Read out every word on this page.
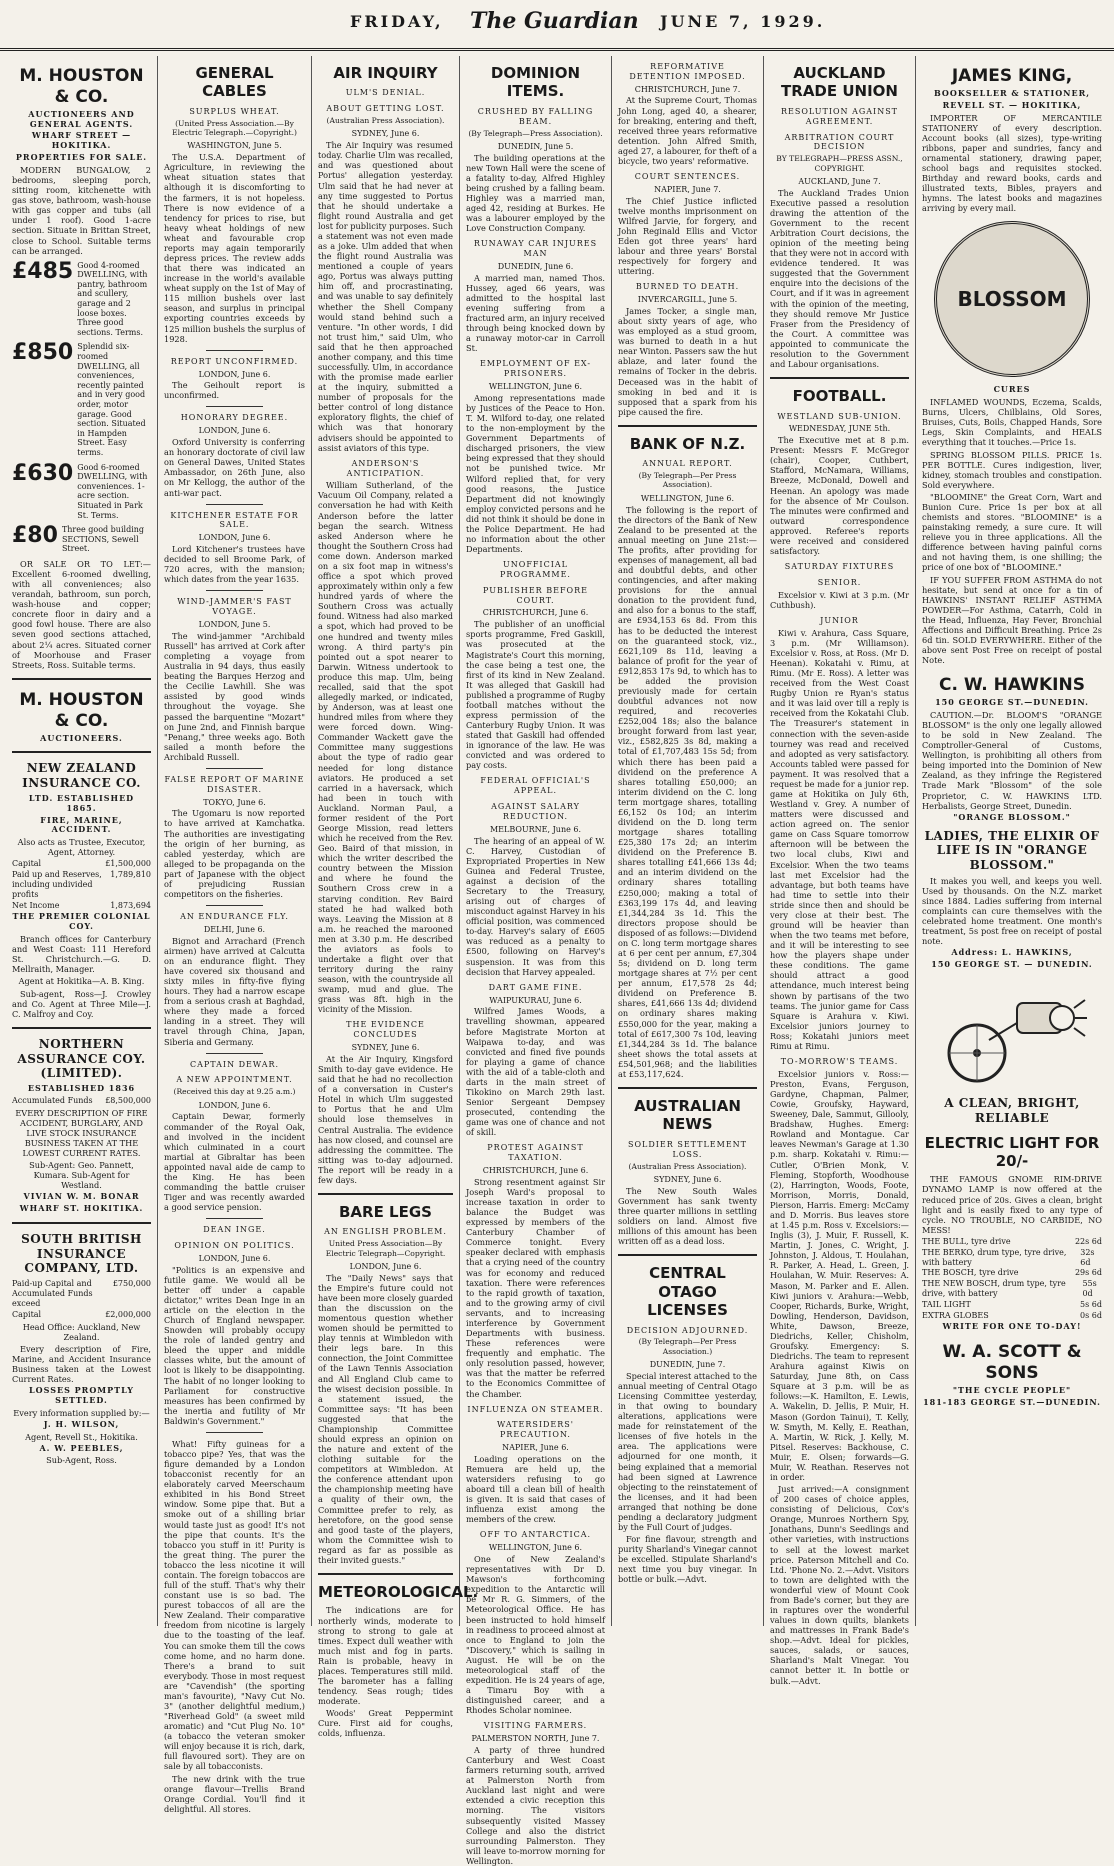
FRIDAY, The Guardian JUNE 7, 1929.
M. HOUSTON & CO.
AUCTIONEERS AND GENERAL AGENTS.
WHARF STREET — HOKITIKA.
PROPERTIES FOR SALE.
MODERN BUNGALOW, 2 bedrooms, sleeping porch, sitting room, kitchenette with gas stove, bathroom, wash-house with gas copper and tubs (all under 1 roof). Good 1-acre section. Situate in Brittan Street, close to School. Suitable terms can be arranged.
£485 Good 4-roomed DWELLING, with pantry, bathroom and scullery, garage and 2 loose boxes. Three good sections. Terms.
£850 Splendid six-roomed DWELLING, all conveniences, recently painted and in very good order, motor garage. Good section. Situated in Hampden Street. Easy terms.
£630 Good 6-roomed DWELLING, with conveniences. 1-acre section. Situated in Park St. Terms.
£80 Three good building SECTIONS, Sewell Street.
OR SALE OR TO LET:—Excellent 6-roomed dwelling, with all conveniences; also verandah, bathroom, sun porch, wash-house and copper; concrete floor in dairy and a good fowl house. There are also seven good sections attached, about 2¼ acres. Situated corner of Moorhouse and Fraser Streets, Ross. Suitable terms.
M. HOUSTON & CO.
AUCTIONEERS.
NEW ZEALAND INSURANCE CO.
LTD. ESTABLISHED 1865.
FIRE, MARINE, ACCIDENT.
Also acts as Trustee, Executor, Agent, Attorney.
Capital	£1,500,000
Paid up and Reserves, including undivided profits
1,789,810
Net Income	1,873,694
THE PREMIER COLONIAL COY.
Branch offices for Canterbury and West Coast: 111 Hereford St. Christchurch.—G. D. Mellraith, Manager.
Agent at Hokitika—A. B. King.
Sub-agent, Ross—J. Crowley and Co. Agent at Three Mile—J. C. Malfroy and Coy.
NORTHERN ASSURANCE COY. (LIMITED).
ESTABLISHED 1836
Accumulated Funds £8,500,000
EVERY DESCRIPTION OF FIRE ACCIDENT, BURGLARY, AND LIVE STOCK INSURANCE BUSINESS TAKEN AT THE LOWEST CURRENT RATES.
Sub-Agent: Geo. Pannett, Kumara. Sub-Agent for Westland.
VIVIAN W. M. BONAR
WHARF ST. HOKITIKA.
SOUTH BRITISH INSURANCE COMPANY, LTD.
Paid-up Capital and Accumulated Funds exceed
£750,000
Capital	£2,000,000
Head Office: Auckland, New Zealand.
Every description of Fire, Marine, and Accident Insurance Business taken at the Lowest Current Rates.
LOSSES PROMPTLY SETTLED.
Every information supplied by:—
J. H. WILSON,
Agent, Revell St., Hokitika.
A. W. PEEBLES,
Sub-Agent, Ross.
GENERAL CABLES
SURPLUS WHEAT.
(United Press Association.—By Electric Telegraph.—Copyright.)
WASHINGTON, June 5.
The U.S.A. Department of Agriculture, in reviewing the wheat situation states that although it is discomforting to the farmers, it is not hopeless. There is now evidence of a tendency for prices to rise, but heavy wheat holdings of new wheat and favourable crop reports may again temporarily depress prices. The review adds that there was indicated an increase in the world's available wheat supply on the 1st of May of 115 million bushels over last season, and surplus in principal exporting countries exceeds by 125 million bushels the surplus of 1928.
REPORT UNCONFIRMED.
LONDON, June 6.
The Geihoult report is unconfirmed.
HONORARY DEGREE.
LONDON, June 6.
Oxford University is conferring an honorary doctorate of civil law on General Dawes, United States Ambassador, on 26th June, also on Mr Kellogg, the author of the anti-war pact.
KITCHENER ESTATE FOR SALE.
LONDON, June 6.
Lord Kitchener's trustees have decided to sell Broome Park, of 720 acres, with the mansion; which dates from the year 1635.
WIND-JAMMER'S FAST VOYAGE.
LONDON, June 5.
The wind-jammer "Archibald Russell" has arrived at Cork after completing a voyage from Australia in 94 days, thus easily beating the Barques Herzog and the Cecilie Lawhill. She was assisted by good winds throughout the voyage. She passed the barquentine "Mozart" on June 2nd, and Finnish barque "Penang," three weeks ago. Both sailed a month before the Archibald Russell.
FALSE REPORT OF MARINE DISASTER.
TOKYO, June 6.
The Ugomaru is now reported to have arrived at Kamchatka. The authorities are investigating the origin of her burning, as cabled yesterday, which are alleged to be propaganda on the part of Japanese with the object of prejudicing Russian competitors on the fisheries.
AN ENDURANCE FLY.
DELHI, June 6.
Bignot and Arrachard (French airmen) have arrived at Calcutta on an endurance flight. They have covered six thousand and sixty miles in fifty-five flying hours. They had a narrow escape from a serious crash at Baghdad, where they made a forced landing in a street. They will travel through China, Japan, Siberia and Germany.
CAPTAIN DEWAR.
A NEW APPOINTMENT.
(Received this day at 9.25 a.m.)
LONDON, June 6.
Captain Dewar, formerly commander of the Royal Oak, and involved in the incident which culminated in a court martial at Gibraltar has been appointed naval aide de camp to the King. He has been commanding the battle cruiser Tiger and was recently awarded a good service pension.
DEAN INGE.
OPINION ON POLITICS.
LONDON, June 6.
"Politics is an expensive and futile game. We would all be better off under a capable dictator," writes Dean Inge in an article on the election in the Church of England newspaper. Snowden will probably occupy the role of landed gentry and bleed the upper and middle classes white, but the amount of loot is likely to be disappointing. The habit of no longer looking to Parliament for constructive measures has been confirmed by the inertia and futility of Mr Baldwin's Government."
What! Fifty guineas for a tobacco pipe? Yes, that was the figure demanded by a London tobacconist recently for an elaborately carved Meerschaum exhibited in his Bond Street window. Some pipe that. But a smoke out of a shilling briar would taste just as good! It's not the pipe that counts. It's the tobacco you stuff in it! Purity is the great thing. The purer the tobacco the less nicotine it will contain. The foreign tobaccos are full of the stuff. That's why their constant use is so bad. The purest tobaccos of all are the New Zealand. Their comparative freedom from nicotine is largely due to the toasting of the leaf. You can smoke them till the cows come home, and no harm done. There's a brand to suit everybody. Those in most request are "Cavendish" (the sporting man's favourite), "Navy Cut No. 3" (another delightful medium,) "Riverhead Gold" (a sweet mild aromatic) and "Cut Plug No. 10" (a tobacco the veteran smoker will enjoy because it is rich, dark, full flavoured sort). They are on sale by all tobacconists.
The new drink with the true orange flavour—Trellis Brand Orange Cordial. You'll find it delightful. All stores.
AIR INQUIRY
ULM'S DENIAL.
ABOUT GETTING LOST.
(Australian Press Association).
SYDNEY, June 6.
The Air Inquiry was resumed today. Charlie Ulm was recalled, and was questioned about Portus' allegation yesterday. Ulm said that he had never at any time suggested to Portus that he should undertake a flight round Australia and get lost for publicity purposes. Such a statement was not even made as a joke. Ulm added that when the flight round Australia was mentioned a couple of years ago, Portus was always putting him off, and procrastinating, and was unable to say definitely whether the Shell Company would stand behind such a venture. "In other words, I did not trust him," said Ulm, who said that he then approached another company, and this time successfully. Ulm, in accordance with the promise made earlier at the inquiry, submitted a number of proposals for the better control of long distance exploratory flights, the chief of which was that honorary advisers should be appointed to assist aviators of this type.
ANDERSON'S ANTICIPATION.
William Sutherland, of the Vacuum Oil Company, related a conversation he had with Keith Anderson before the latter began the search. Witness asked Anderson where he thought the Southern Cross had come down. Anderson marked on a six foot map in witness's office a spot which proved approximately within only a few hundred yards of where the Southern Cross was actually found. Witness had also marked a spot, which had proved to be one hundred and twenty miles wrong. A third party's pin pointed out a spot nearer to Darwin. Witness undertook to produce this map. Ulm, being recalled, said that the spot allegedly marked, or indicated, by Anderson, was at least one hundred miles from where they were forced down. Wing-Commander Wackett gave the Committee many suggestions about the type of radio gear needed for long distance aviators. He produced a set carried in a haversack, which had been in touch with Auckland. Norman Paul, a former resident of the Port George Mission, read letters which he received from the Rev. Geo. Baird of that mission, in which the writer described the country between the Mission and where he found the Southern Cross crew in a starving condition. Rev Baird stated he had walked both ways. Leaving the Mission at 8 a.m. he reached the marooned men at 3.30 p.m. He described the aviators as fools to undertake a flight over that territory during the rainy season, with the countryside all swamp, mud and glue. The grass was 8ft. high in the vicinity of the Mission.
THE EVIDENCE CONCLUDES
SYDNEY, June 6.
At the Air Inquiry, Kingsford Smith to-day gave evidence. He said that he had no recollection of a conversation in Custer's Hotel in which Ulm suggested to Portus that he and Ulm should lose themselves in Central Australia. The evidence has now closed, and counsel are addressing the committee. The sitting was to-day adjourned. The report will be ready in a few days.
BARE LEGS
AN ENGLISH PROBLEM.
United Press Association—By Electric Telegraph—Copyright.
LONDON, June 6.
The "Daily News" says that the Empire's future could not have been more closely guarded than the discussion on the momentous question whether women should be permitted to play tennis at Wimbledon with their legs bare. In this connection, the Joint Committee of the Lawn Tennis Association and All England Club came to the wisest decision possible. In a statement issued, the Committee says: "It has been suggested that the Championship Committee should express an opinion on the nature and extent of the clothing suitable for the competitors at Wimbledon. At the conference attendant upon the championship meeting have a quality of their own, the Committee prefer to rely, as heretofore, on the good sense and good taste of the players, whom the Committee wish to regard as far as possible as their invited guests."
METEOROLOGICAL.
The indications are for northerly winds, moderate to strong to strong to gale at times. Expect dull weather with much mist and fog in parts. Rain is probable, heavy in places. Temperatures still mild. The barometer has a falling tendency. Seas rough; tides moderate.
Woods' Great Peppermint Cure. First aid for coughs, colds, influenza.
DOMINION ITEMS.
CRUSHED BY FALLING BEAM.
(By Telegraph—Press Association).
DUNEDIN, June 5.
The building operations at the new Town Hall were the scene of a fatality to-day, Alfred Highley being crushed by a falling beam. Highley was a married man, aged 42, residing at Burkes. He was a labourer employed by the Love Construction Company.
RUNAWAY CAR INJURES MAN
DUNEDIN, June 6.
A married man, named Thos. Hussey, aged 66 years, was admitted to the hospital last evening suffering from a fractured arm, an injury received through being knocked down by a runaway motor-car in Carroll St.
EMPLOYMENT OF EX-PRISONERS.
WELLINGTON, June 6.
Among representations made by Justices of the Peace to Hon. T. M. Wilford to-day, one related to the non-employment by the Government Departments of discharged prisoners, the view being expressed that they should not be punished twice. Mr Wilford replied that, for very good reasons, the Justice Department did not knowingly employ convicted persons and he did not think it should be done in the Police Department. He had no information about the other Departments.
UNOFFICIAL PROGRAMME.
PUBLISHER BEFORE COURT.
CHRISTCHURCH, June 6.
The publisher of an unofficial sports programme, Fred Gaskill, was prosecuted at the Magistrate's Court this morning, the case being a test one, the first of its kind in New Zealand. It was alleged that Gaskill had published a programme of Rugby football matches without the express permission of the Canterbury Rugby Union. It was stated that Gaskill had offended in ignorance of the law. He was convicted and was ordered to pay costs.
FEDERAL OFFICIAL'S APPEAL.
AGAINST SALARY REDUCTION.
MELBOURNE, June 6.
The hearing of an appeal of W. C. Harvey, Custodian of Expropriated Properties in New Guinea and Federal Trustee, against a decision of the Secretary to the Treasury, arising out of charges of misconduct against Harvey in his official position, was commenced to-day. Harvey's salary of £605 was reduced as a penalty to £500, following on Harvey's suspension. It was from this decision that Harvey appealed.
DART GAME FINE.
WAIPUKURAU, June 6.
Wilfred James Woods, a travelling showman, appeared before Magistrate Morton at Waipawa to-day, and was convicted and fined five pounds for playing a game of chance with the aid of a table-cloth and darts in the main street of Tikokino on March 29th last. Senior Sergeant Dempsey prosecuted, contending the game was one of chance and not of skill.
PROTEST AGAINST TAXATION.
CHRISTCHURCH, June 6.
Strong resentment against Sir Joseph Ward's proposal to increase taxation in order to balance the Budget was expressed by members of the Canterbury Chamber of Commerce tonight. Every speaker declared with emphasis that a crying need of the country was for economy and reduced taxation. There were references to the rapid growth of taxation, and to the growing army of civil servants, and to increasing interference by Government Departments with business. These references were frequently and emphatic. The only resolution passed, however, was that the matter be referred to the Economics Committee of the Chamber.
INFLUENZA ON STEAMER.
WATERSIDERS' PRECAUTION.
NAPIER, June 6.
Loading operations on the Remuera are held up, the watersiders refusing to go aboard till a clean bill of health is given. It is said that cases of influenza exist among the members of the crew.
OFF TO ANTARCTICA.
WELLINGTON, June 6.
One of New Zealand's representatives with Dr D. Mawson's forthcoming expedition to the Antarctic will be Mr R. G. Simmers, of the Meteorological Office. He has been instructed to hold himself in readiness to proceed almost at once to England to join the "Discovery," which is sailing in August. He will be on the meteorological staff of the expedition. He is 24 years of age, a Timaru Boy with a distinguished career, and a Rhodes Scholar nominee.
VISITING FARMERS.
PALMERSTON NORTH, June 7.
A party of three hundred Canterbury and West Coast farmers returning south, arrived at Palmerston North from Auckland last night and were extended a civic reception this morning. The visitors subsequently visited Massey College and also the district surrounding Palmerston. They will leave to-morrow morning for Wellington.
REFORMATIVE DETENTION IMPOSED.
CHRISTCHURCH, June 7.
At the Supreme Court, Thomas John Long, aged 40, a shearer, for breaking, entering and theft, received three years reformative detention. John Alfred Smith, aged 27, a labourer, for theft of a bicycle, two years' reformative.
COURT SENTENCES.
NAPIER, June 7.
The Chief Justice inflicted twelve months imprisonment on Wilfred Jarvie, for forgery, and John Reginald Ellis and Victor Eden got three years' hard labour and three years' Borstal respectively for forgery and uttering.
BURNED TO DEATH.
INVERCARGILL, June 5.
James Tocker, a single man, about sixty years of age, who was employed as a stud groom, was burned to death in a hut near Winton. Passers saw the hut ablaze, and later found the remains of Tocker in the debris. Deceased was in the habit of smoking in bed and it is supposed that a spark from his pipe caused the fire.
BANK OF N.Z.
ANNUAL REPORT.
(By Telegraph—Per Press Association).
WELLINGTON, June 6.
The following is the report of the directors of the Bank of New Zealand to be presented at the annual meeting on June 21st:— The profits, after providing for expenses of management, all bad and doubtful debts, and other contingencies, and after making provisions for the annual donation to the provident fund, and also for a bonus to the staff, are £934,153 6s 8d. From this has to be deducted the interest on the guaranteed stock, viz., £621,109 8s 11d, leaving a balance of profit for the year of £912,853 17s 9d, to which has to be added the provision previously made for certain doubtful advances not now required, and recoveries £252,004 18s; also the balance brought forward from last year, viz., £582,825 3s 8d, making a total of £1,707,483 15s 5d; from which there has been paid a dividend on the preference A shares totalling £50,000; an interim dividend on the C. long term mortgage shares, totalling £6,152 0s 10d; an interim dividend on the D. long term mortgage shares totalling £25,380 17s 2d; an interim dividend on the Preference B. shares totalling £41,666 13s 4d; and an interim dividend on the ordinary shares totalling £250,000; making a total of £363,199 17s 4d, and leaving £1,344,284 3s 1d. This the directors propose should be disposed of as follows:—Dividend on C. long term mortgage shares at 6 per cent per annum, £7,304 5s; dividend on D. long term mortgage shares at 7½ per cent per annum, £17,578 2s 4d; dividend on Preference B. shares, £41,666 13s 4d; dividend on ordinary shares making £550,000 for the year, making a total of £617,300 7s 10d, leaving £1,344,284 3s 1d. The balance sheet shows the total assets at £54,501,968; and the liabilities at £53,117,624.
AUSTRALIAN NEWS
SOLDIER SETTLEMENT LOSS.
(Australian Press Association).
SYDNEY, June 6.
The New South Wales Government has sank twenty three quarter millions in settling soldiers on land. Almost five millions of this amount has been written off as a dead loss.
CENTRAL OTAGO LICENSES
DECISION ADJOURNED.
(By Telegraph—Per Press Association.)
DUNEDIN, June 7.
Special interest attached to the annual meeting of Central Otago Licensing Committee yesterday, in that owing to boundary alterations, applications were made for reinstatement of the licenses of five hotels in the area. The applications were adjourned for one month, it being explained that a memorial had been signed at Lawrence objecting to the reinstatement of the licenses, and it had been arranged that nothing be done pending a declaratory judgment by the Full Court of judges.
For fine flavour, strength and purity Sharland's Vinegar cannot be excelled. Stipulate Sharland's next time you buy vinegar. In bottle or bulk.—Advt.
AUCKLAND TRADE UNION
RESOLUTION AGAINST AGREEMENT.
ARBITRATION COURT DECISION
BY TELEGRAPH—PRESS ASSN., COPYRIGHT.
AUCKLAND, June 7.
The Auckland Trades Union Executive passed a resolution drawing the attention of the Government to the recent Arbitration Court decisions, the opinion of the meeting being that they were not in accord with evidence tendered. It was suggested that the Government enquire into the decisions of the Court, and if it was in agreement with the opinion of the meeting, they should remove Mr Justice Fraser from the Presidency of the Court. A committee was appointed to communicate the resolution to the Government and Labour organisations.
FOOTBALL.
WESTLAND SUB-UNION.
WEDNESDAY, JUNE 5th.
The Executive met at 8 p.m. Present: Messrs F. McGregor (chair), Cooper, Cuthbert, Stafford, McNamara, Williams, Breeze, McDonald, Dowell and Heenan. An apology was made for the absence of Mr Coulson. The minutes were confirmed and outward correspondence approved. Referee's reports were received and considered satisfactory.
SATURDAY FIXTURES
SENIOR.
Excelsior v. Kiwi at 3 p.m. (Mr Cuthbush).
JUNIOR
Kiwi v. Arahura, Cass Square, 3 p.m. (Mr Williamson). Excelsior v. Ross, at Ross. (Mr D. Heenan). Kokatahi v. Rimu, at Rimu. (Mr E. Ross). A letter was received from the West Coast Rugby Union re Ryan's status and it was laid over till a reply is received from the Kokatahi Club. The Treasurer's statement in connection with the seven-aside tourney was read and received and adopted as very satisfactory. Accounts tabled were passed for payment. It was resolved that a request be made for a junior rep. game at Hokitika on July 6th, Westland v. Grey. A number of matters were discussed and action agreed on. The senior game on Cass Square tomorrow afternoon will be between the two local clubs, Kiwi and Excelsior. When the two teams last met Excelsior had the advantage, but both teams have had time to settle into their stride since then and should be very close at their best. The ground will be heavier than when the two teams met before, and it will be interesting to see how the players shape under these conditions. The game should attract a good attendance, much interest being shown by partisans of the two teams. The junior game for Cass Square is Arahura v. Kiwi. Excelsior juniors journey to Ross; Kokatahi juniors meet Rimu at Rimu.
TO-MORROW'S TEAMS.
Excelsior juniors v. Ross:—Preston, Evans, Ferguson, Gardyne, Chapman, Palmer, Cowie, Groufsky, Hayward, Sweeney, Dale, Sammut, Gillooly, Bradshaw, Hughes. Emerg: Rowland and Montague. Car leaves Newman's Garage at 1.30 p.m. sharp. Kokatahi v. Rimu:—Cutler, O'Brien Monk, V. Fleming, Stopforth, Woodhouse (2), Harrington, Woods, Foote, Morrison, Morris, Donald, Pierson, Harris. Emerg: McCamy and D. Morris. Bus leaves store at 1.45 p.m. Ross v. Excelsiors:—Inglis (3), J. Muir, F. Russell, K. Martin, J. Jones, C. Wright, J. Johnston, J. Aldous, T. Houlahan, R. Parker, A. Head, L. Green, J. Houlahan, W. Muir. Reserves: A. Mason, M. Parker and E. Allen. Kiwi juniors v. Arahura:—Webb, Cooper, Richards, Burke, Wright, Dowling, Henderson, Davidson, White, Dawson, Breeze, Diedrichs, Keller, Chisholm, Groufsky. Emergency: S. Diedrichs. The team to represent Arahura against Kiwis on Saturday, June 8th, on Cass Square at 3 p.m. will be as follows:—K. Hamilton, E. Lewis, A. Wakelin, D. Jellis, P. Muir, H. Mason (Gordon Tainui), T. Kelly, W. Smyth, M. Kelly, E. Reathan, A. Martin, W. Rick, J. Kelly, M. Pitsel. Reserves: Backhouse, C. Muir, E. Olsen; forwards—G. Muir, W. Reathan. Reserves not in order.
Just arrived:—A consignment of 200 cases of choice apples, consisting of Delicious, Cox's Orange, Munroes Northern Spy, Jonathans, Dunn's Seedlings and other varieties, with instructions to sell at the lowest market price. Paterson Mitchell and Co. Ltd. 'Phone No. 2.—Advt. Visitors to town are delighted with the wonderful view of Mount Cook from Bade's corner, but they are in raptures over the wonderful values in down quilts, blankets and mattresses in Frank Bade's shop.—Advt. Ideal for pickles, sauces, salads, or sauces, Sharland's Malt Vinegar. You cannot better it. In bottle or bulk.—Advt.
JAMES KING,
BOOKSELLER & STATIONER,
REVELL ST. — HOKITIKA,
IMPORTER OF MERCANTILE STATIONERY of every description. Account books (all sizes), type-writing ribbons, paper and sundries, fancy and ornamental stationery, drawing paper, school bags and requisites stocked. Birthday and reward books, cards and illustrated texts, Bibles, prayers and hymns. The latest books and magazines arriving by every mail.
BLOSSOM
CURES
INFLAMED WOUNDS, Eczema, Scalds, Burns, Ulcers, Chilblains, Old Sores, Bruises, Cuts, Boils, Chapped Hands, Sore Legs, Skin Complaints, and HEALS everything that it touches.—Price 1s.
SPRING BLOSSOM PILLS. PRICE 1s. PER BOTTLE. Cures indigestion, liver, kidney, stomach troubles and constipation. Sold everywhere.
"BLOOMINE" the Great Corn, Wart and Bunion Cure. Price 1s per box at all chemists and stores. "BLOOMINE" is a painstaking remedy, a sure cure. It will relieve you in three applications. All the difference between having painful corns and not having them, is one shilling; the price of one box of "BLOOMINE."
IF YOU SUFFER FROM ASTHMA do not hesitate, but send at once for a tin of HAWKINS' INSTANT RELIEF ASTHMA POWDER—For Asthma, Catarrh, Cold in the Head, Influenza, Hay Fever, Bronchial Affections and Difficult Breathing. Price 2s 6d tin. SOLD EVERYWHERE. Either of the above sent Post Free on receipt of postal Note.
C. W. HAWKINS
150 GEORGE ST.—DUNEDIN.
CAUTION.—Dr. BLOOM'S "ORANGE BLOSSOM" is the only one legally allowed to be sold in New Zealand. The Comptroller-General of Customs, Wellington, is prohibiting all others from being imported into the Dominion of New Zealand, as they infringe the Registered Trade Mark "Blossom" of the sole Proprietor, C. W. HAWKINS LTD. Herbalists, George Street, Dunedin.
"ORANGE BLOSSOM."
LADIES, THE ELIXIR OF LIFE IS IN "ORANGE BLOSSOM."
It makes you well, and keeps you well. Used by thousands. On the N.Z. market since 1884. Ladies suffering from internal complaints can cure themselves with the celebrated home treatment. One month's treatment, 5s post free on receipt of postal note.
Address: L. HAWKINS,
150 GEORGE ST. — DUNEDIN.
A CLEAN, BRIGHT, RELIABLE
ELECTRIC LIGHT FOR 20/-
THE FAMOUS GNOME RIM-DRIVE DYNAMO LAMP is now offered at the reduced price of 20s. Gives a clean, bright light and is easily fixed to any type of cycle. NO TROUBLE, NO CARBIDE, NO MESS!
THE BULL, tyre drive	22s 6d
THE BERKO, drum type, tyre drive, with battery
32s 6d
THE BOSCH, tyre drive	29s 6d
THE NEW BOSCH, drum type, tyre drive, with battery
55s 0d
TAIL LIGHT	5s 6d
EXTRA GLOBES	0s 6d
WRITE FOR ONE TO-DAY!
W. A. SCOTT & SONS
"THE CYCLE PEOPLE"
181-183 GEORGE ST.—DUNEDIN.
